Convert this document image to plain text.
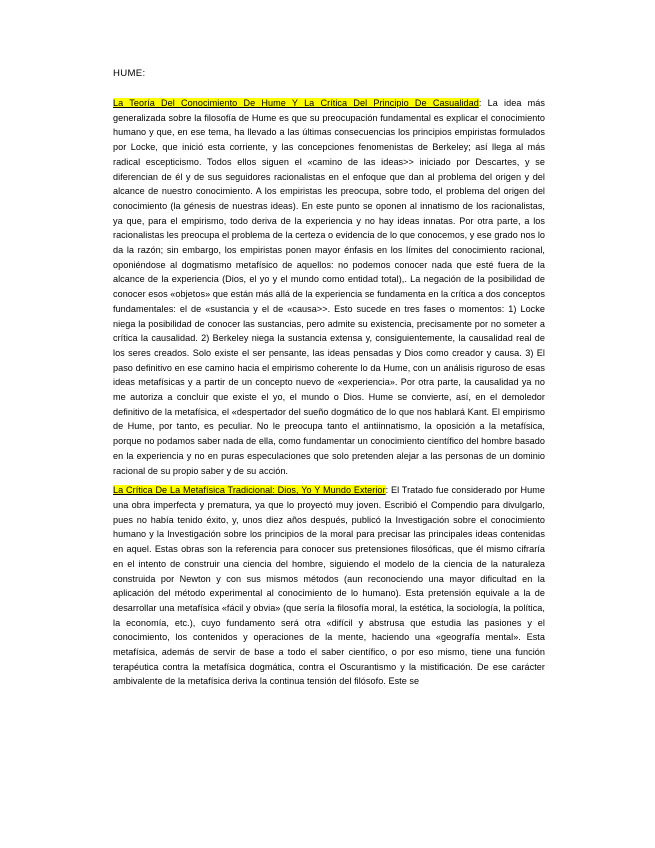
HUME:

La Teoría Del Conocimiento De Hume Y La Crítica Del Principio De Casualidad: La idea más generalizada sobre la filosofía de Hume es que su preocupación fundamental es explicar el conocimiento humano y que, en ese tema, ha llevado a las últimas consecuencias los principios empiristas formulados por Locke, que inició esta corriente, y las concepciones fenomenistas de Berkeley; así llega al más radical escepticismo. Todos ellos siguen el «camino de las ideas>> iniciado por Descartes, y se diferencian de él y de sus seguidores racionalistas en el enfoque que dan al problema del origen y del alcance de nuestro conocimiento. A los empiristas les preocupa, sobre todo, el problema del origen del conocimiento (la génesis de nuestras ideas). En este punto se oponen al innatismo de los racionalistas, ya que, para el empirismo, todo deriva de la experiencia y no hay ideas innatas. Por otra parte, a los racionalistas les preocupa el problema de la certeza o evidencia de lo que conocemos, y ese grado nos lo da la razón; sin embargo, los empiristas ponen mayor énfasis en los límites del conocimiento racional, oponiéndose al dogmatismo metafísico de aquellos: no podemos conocer nada que esté fuera de la alcance de la experiencia (Dios, el yo y el mundo como entidad total),. La negación de la posibilidad de conocer esos «objetos» que están más allá de la experiencia se fundamenta en la crítica a dos conceptos fundamentales: el de «sustancia y el de «causa>>. Esto sucede en tres fases o momentos: 1) Locke niega la posibilidad de conocer las sustancias, pero admite su existencia, precisamente por no someter a crítica la causalidad. 2) Berkeley niega la sustancia extensa y, consiguientemente, la causalidad real de los seres creados. Solo existe el ser pensante, las ideas pensadas y Dios como creador y causa. 3) El paso definitivo en ese camino hacia el empirismo coherente lo da Hume, con un análisis riguroso de esas ideas metafísicas y a partir de un concepto nuevo de «experiencia». Por otra parte, la causalidad ya no me autoriza a concluir que existe el yo, el mundo o Dios. Hume se convierte, así, en el demoledor definitivo de la metafísica, el «despertador del sueño dogmático de lo que nos hablará Kant. El empirismo de Hume, por tanto, es peculiar. No le preocupa tanto el antiinnatismo, la oposición a la metafísica, porque no podamos saber nada de ella, como fundamentar un conocimiento científico del hombre basado en la experiencia y no en puras especulaciones que solo pretenden alejar a las personas de un dominio racional de su propio saber y de su acción.

La Crítica De La Metafísica Tradicional: Dios, Yo Y Mundo Exterior: El Tratado fue considerado por Hume una obra imperfecta y prematura, ya que lo proyectó muy joven. Escribió el Compendio para divulgarlo, pues no había tenido éxito, y, unos diez años después, publicó la Investigación sobre el conocimiento humano y la Investigación sobre los principios de la moral para precisar las principales ideas contenidas en aquel. Estas obras son la referencia para conocer sus pretensiones filosóficas, que él mismo cifraría en el intento de construir una ciencia del hombre, siguiendo el modelo de la ciencia de la naturaleza construida por Newton y con sus mismos métodos (aun reconociendo una mayor dificultad en la aplicación del método experimental al conocimiento de lo humano). Esta pretensión equivale a la de desarrollar una metafísica «fácil y obvia» (que sería la filosofía moral, la estética, la sociología, la política, la economía, etc.), cuyo fundamento será otra «difícil y abstrusa que estudia las pasiones y el conocimiento, los contenidos y operaciones de la mente, haciendo una «geografía mental». Esta metafísica, además de servir de base a todo el saber científico, o por eso mismo, tiene una función terapéutica contra la metafísica dogmática, contra el Oscurantismo y la mistificación. De ese carácter ambivalente de la metafísica deriva la continua tensión del filósofo. Este se
